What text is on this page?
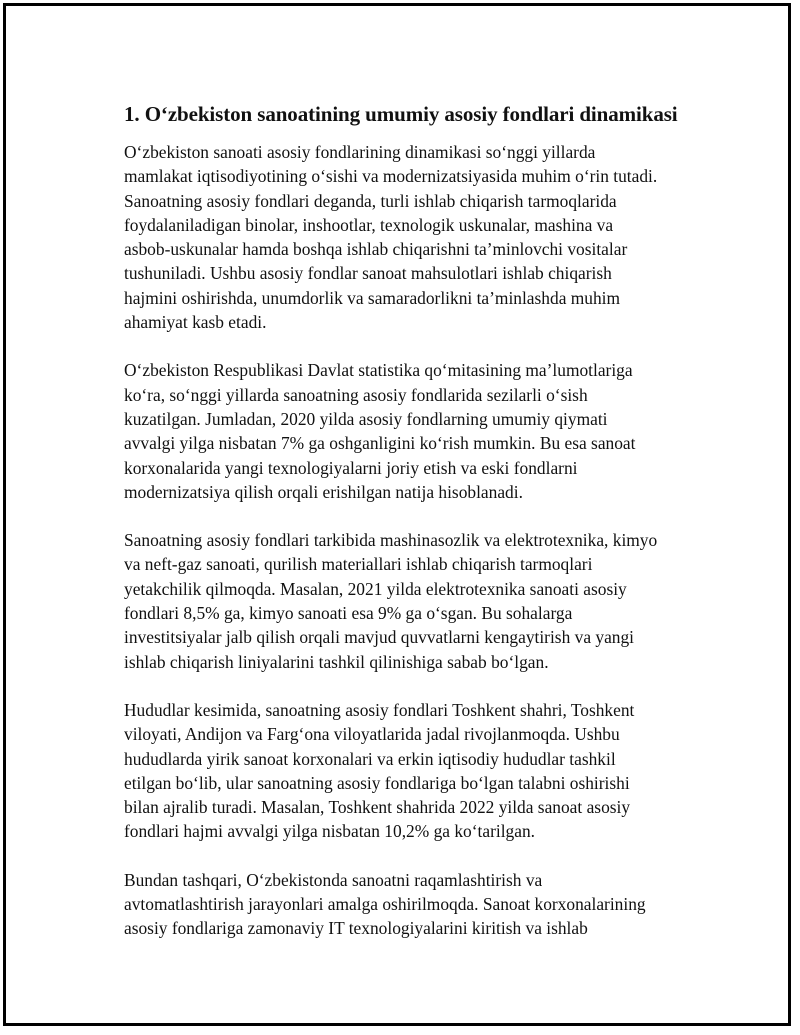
1. O‘zbekiston sanoatining umumiy asosiy fondlari dinamikasi

O‘zbekiston sanoati asosiy fondlarining dinamikasi so‘nggi yillarda
mamlakat iqtisodiyotining o‘sishi va modernizatsiyasida muhim o‘rin tutadi.
Sanoatning asosiy fondlari deganda, turli ishlab chiqarish tarmoqlarida
foydalaniladigan binolar, inshootlar, texnologik uskunalar, mashina va
asbob-uskunalar hamda boshqa ishlab chiqarishni ta’minlovchi vositalar
tushuniladi. Ushbu asosiy fondlar sanoat mahsulotlari ishlab chiqarish
hajmini oshirishda, unumdorlik va samaradorlikni ta’minlashda muhim
ahamiyat kasb etadi.

O‘zbekiston Respublikasi Davlat statistika qo‘mitasining ma’lumotlariga
ko‘ra, so‘nggi yillarda sanoatning asosiy fondlarida sezilarli o‘sish
kuzatilgan. Jumladan, 2020 yilda asosiy fondlarning umumiy qiymati
avvalgi yilga nisbatan 7% ga oshganligini ko‘rish mumkin. Bu esa sanoat
korxonalarida yangi texnologiyalarni joriy etish va eski fondlarni
modernizatsiya qilish orqali erishilgan natija hisoblanadi.

Sanoatning asosiy fondlari tarkibida mashinasozlik va elektrotexnika, kimyo
va neft-gaz sanoati, qurilish materiallari ishlab chiqarish tarmoqlari
yetakchilik qilmoqda. Masalan, 2021 yilda elektrotexnika sanoati asosiy
fondlari 8,5% ga, kimyo sanoati esa 9% ga o‘sgan. Bu sohalarga
investitsiyalar jalb qilish orqali mavjud quvvatlarni kengaytirish va yangi
ishlab chiqarish liniyalarini tashkil qilinishiga sabab bo‘lgan.

Hududlar kesimida, sanoatning asosiy fondlari Toshkent shahri, Toshkent
viloyati, Andijon va Farg‘ona viloyatlarida jadal rivojlanmoqda. Ushbu
hududlarda yirik sanoat korxonalari va erkin iqtisodiy hududlar tashkil
etilgan bo‘lib, ular sanoatning asosiy fondlariga bo‘lgan talabni oshirishi
bilan ajralib turadi. Masalan, Toshkent shahrida 2022 yilda sanoat asosiy
fondlari hajmi avvalgi yilga nisbatan 10,2% ga ko‘tarilgan.

Bundan tashqari, O‘zbekistonda sanoatni raqamlashtirish va
avtomatlashtirish jarayonlari amalga oshirilmoqda. Sanoat korxonalarining
asosiy fondlariga zamonaviy IT texnologiyalarini kiritish va ishlab
